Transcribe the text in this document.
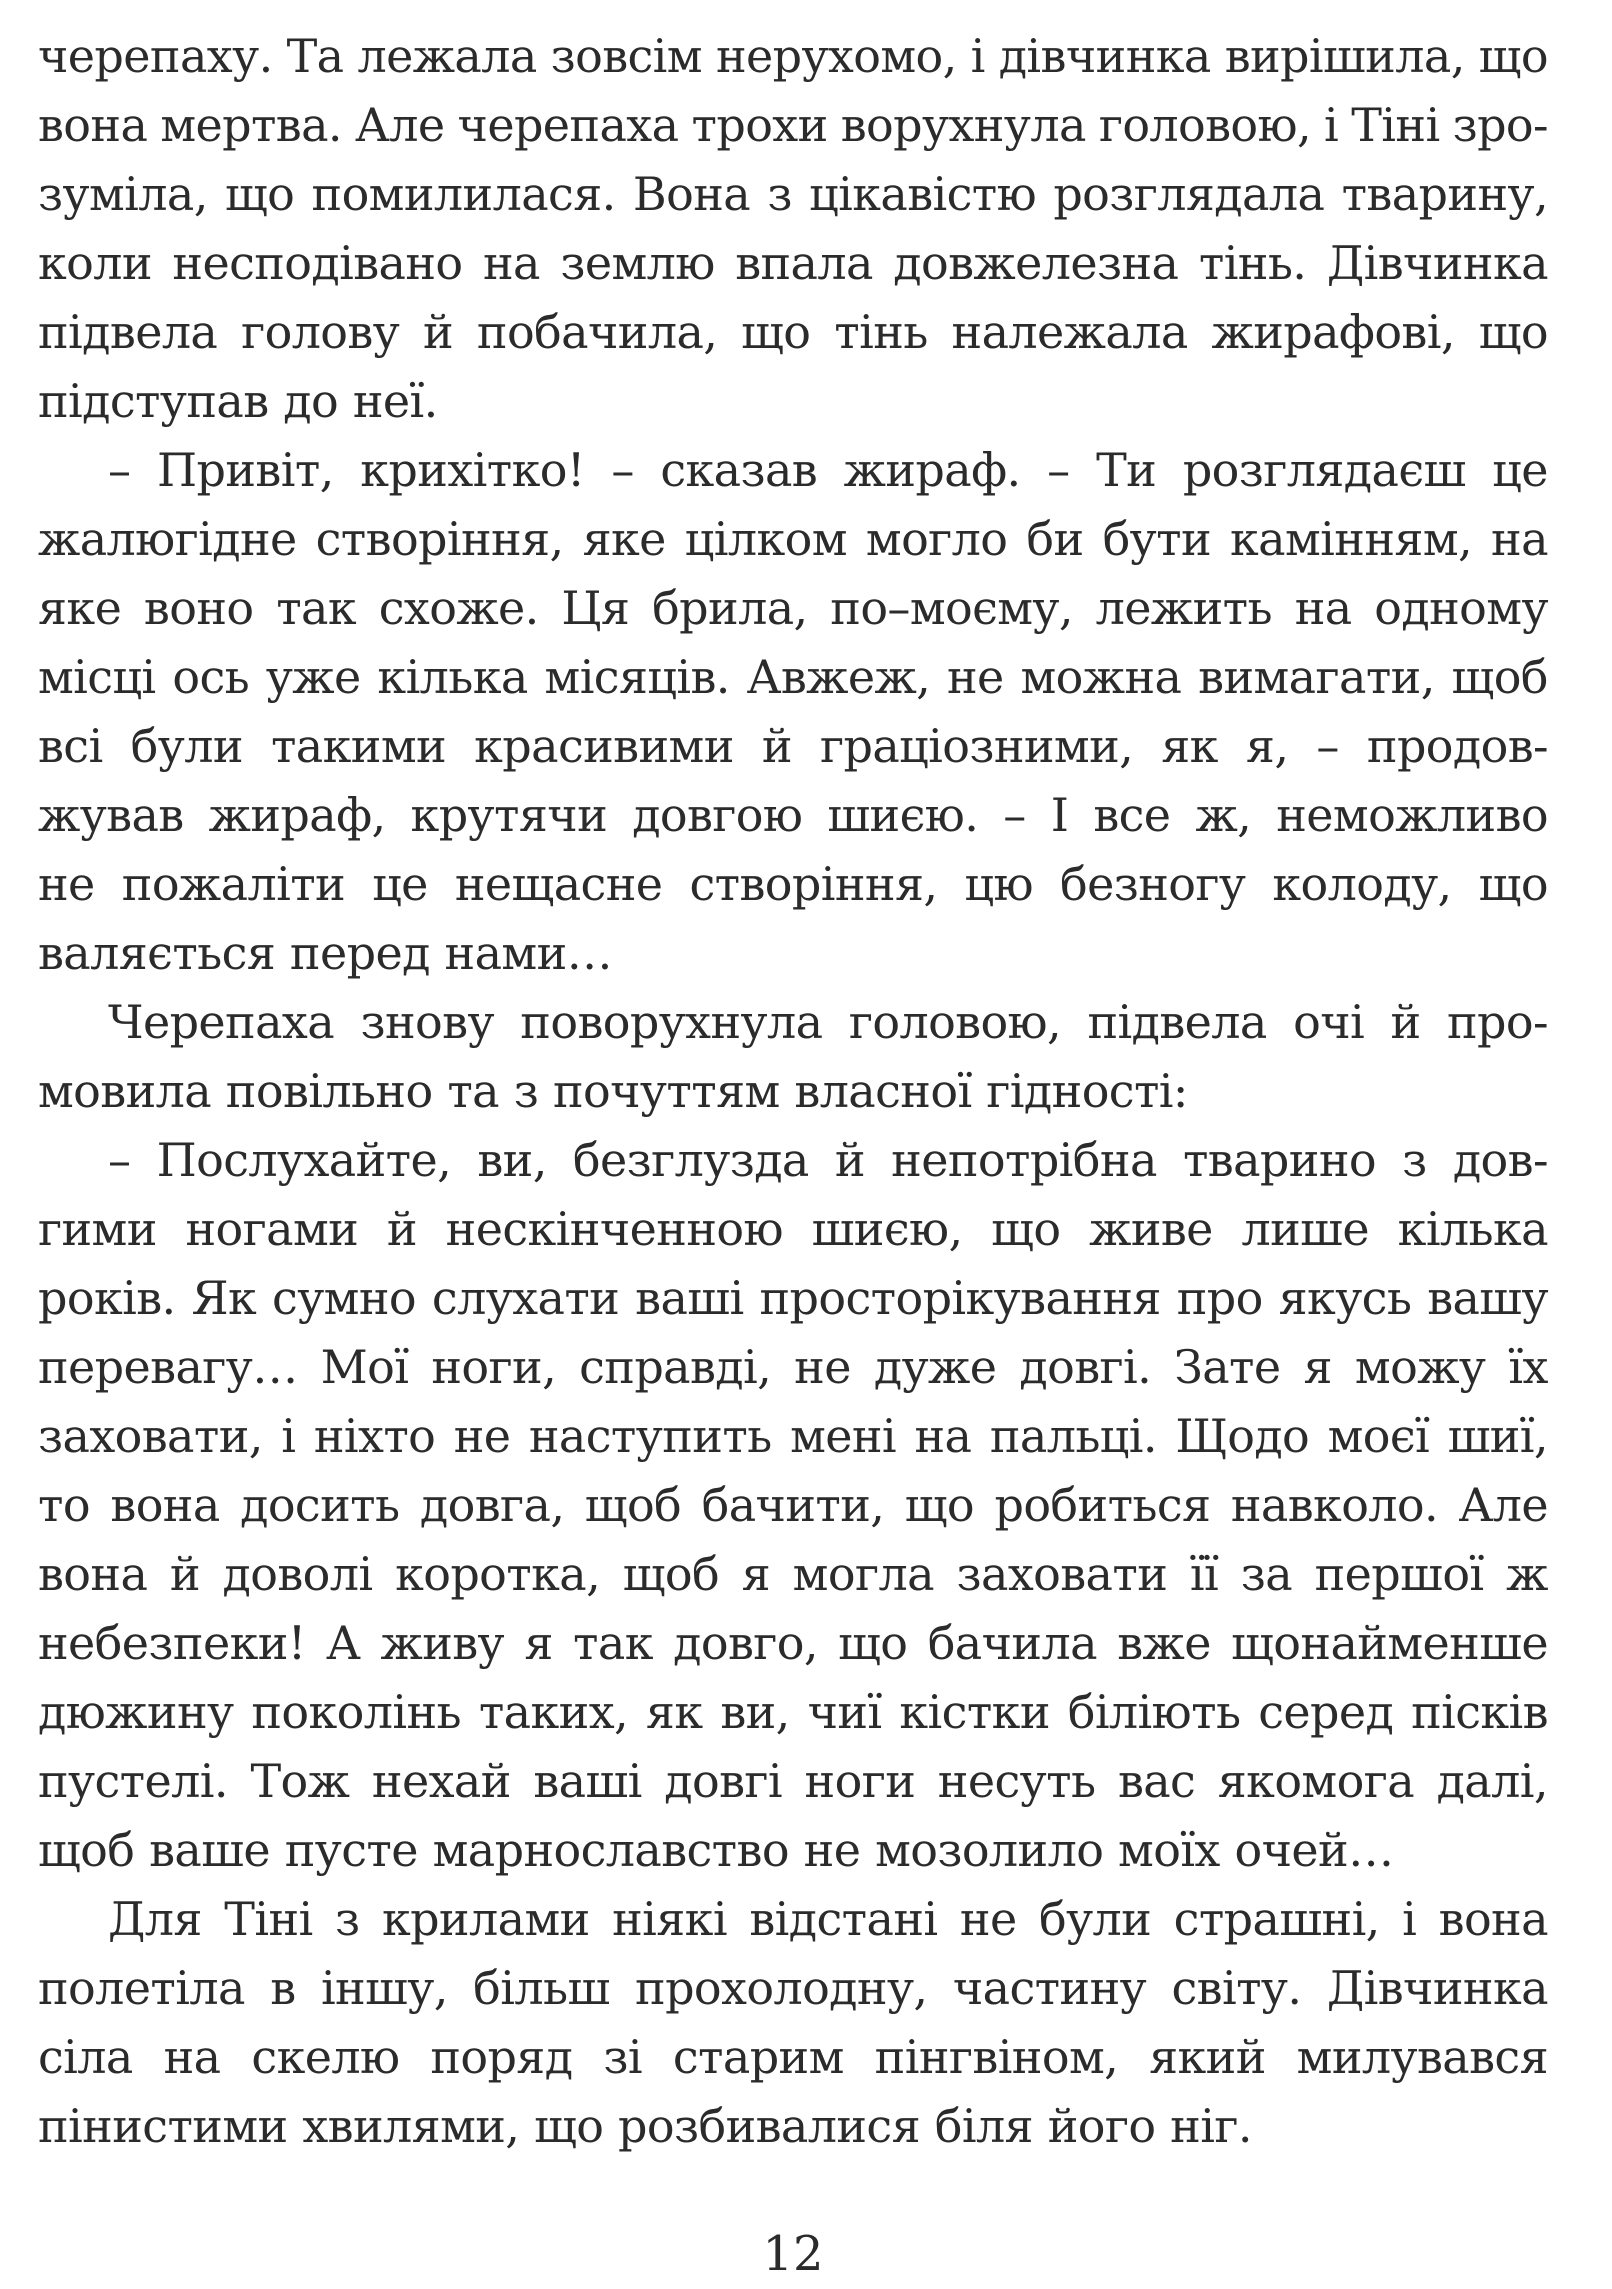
черепаху. Та лежала зовсім нерухомо, і дівчинка вирішила, що
вона мертва. Але черепаха трохи ворухнула головою, і Тіні зро-
зуміла, що помилилася. Вона з цікавістю розглядала тварину,
коли несподівано на землю впала довжелезна тінь. Дівчинка
підвела голову й побачила, що тінь належала жирафові, що
підступав до неї.
– Привіт, крихітко! – сказав жираф. – Ти розглядаєш це
жалюгідне створіння, яке цілком могло би бути камінням, на
яке воно так схоже. Ця брила, по–моєму, лежить на одному
місці ось уже кілька місяців. Авжеж, не можна вимагати, щоб
всі були такими красивими й граціозними, як я, – продов-
жував жираф, крутячи довгою шиєю. – І все ж, неможливо
не пожаліти це нещасне створіння, цю безногу колоду, що
валяється перед нами…
Черепаха знову поворухнула головою, підвела очі й про-
мовила повільно та з почуттям власної гідності:
– Послухайте, ви, безглузда й непотрібна тварино з дов-
гими ногами й нескінченною шиєю, що живе лише кілька
років. Як сумно слухати ваші просторікування про якусь вашу
перевагу… Мої ноги, справді, не дуже довгі. Зате я можу їх
заховати, і ніхто не наступить мені на пальці. Щодо моєї шиї,
то вона досить довга, щоб бачити, що робиться навколо. Але
вона й доволі коротка, щоб я могла заховати її за першої ж
небезпеки! А живу я так довго, що бачила вже щонайменше
дюжину поколінь таких, як ви, чиї кістки біліють серед пісків
пустелі. Тож нехай ваші довгі ноги несуть вас якомога далі,
щоб ваше пусте марнославство не мозолило моїх очей…
Для Тіні з крилами ніякі відстані не були страшні, і вона
полетіла в іншу, більш прохолодну, частину світу. Дівчинка
сіла на скелю поряд зі старим пінгвіном, який милувався
пінистими хвилями, що розбивалися біля його ніг.
12
